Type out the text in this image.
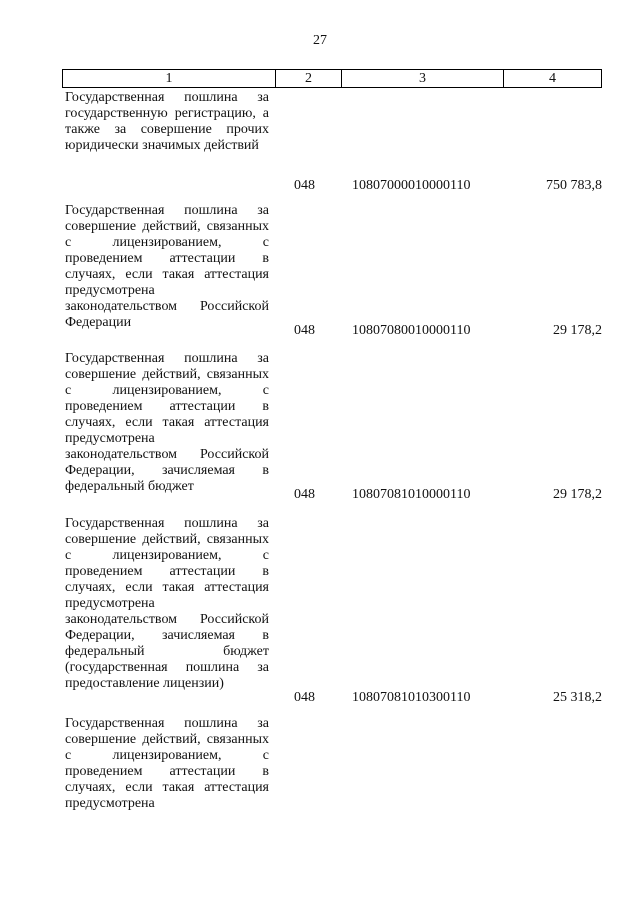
27
1	2	3	4
Государственная пошлина за государственную регистрацию, а также за совершение прочих юридически значимых действий
048	10807000010000110	750 783,8
Государственная пошлина за совершение действий, связанных с лицензированием, с проведением аттестации в случаях, если такая аттестация предусмотрена законодательством Российской Федерации
048	10807080010000110	29 178,2
Государственная пошлина за совершение действий, связанных с лицензированием, с проведением аттестации в случаях, если такая аттестация предусмотрена законодательством Российской Федерации, зачисляемая в федеральный бюджет
048	10807081010000110	29 178,2
Государственная пошлина за совершение действий, связанных с лицензированием, с проведением аттестации в случаях, если такая аттестация предусмотрена законодательством Российской Федерации, зачисляемая в федеральный бюджет (государственная пошлина за предоставление лицензии)
048	10807081010300110	25 318,2
Государственная пошлина за совершение действий, связанных с лицензированием, с проведением аттестации в случаях, если такая аттестация предусмотрена
